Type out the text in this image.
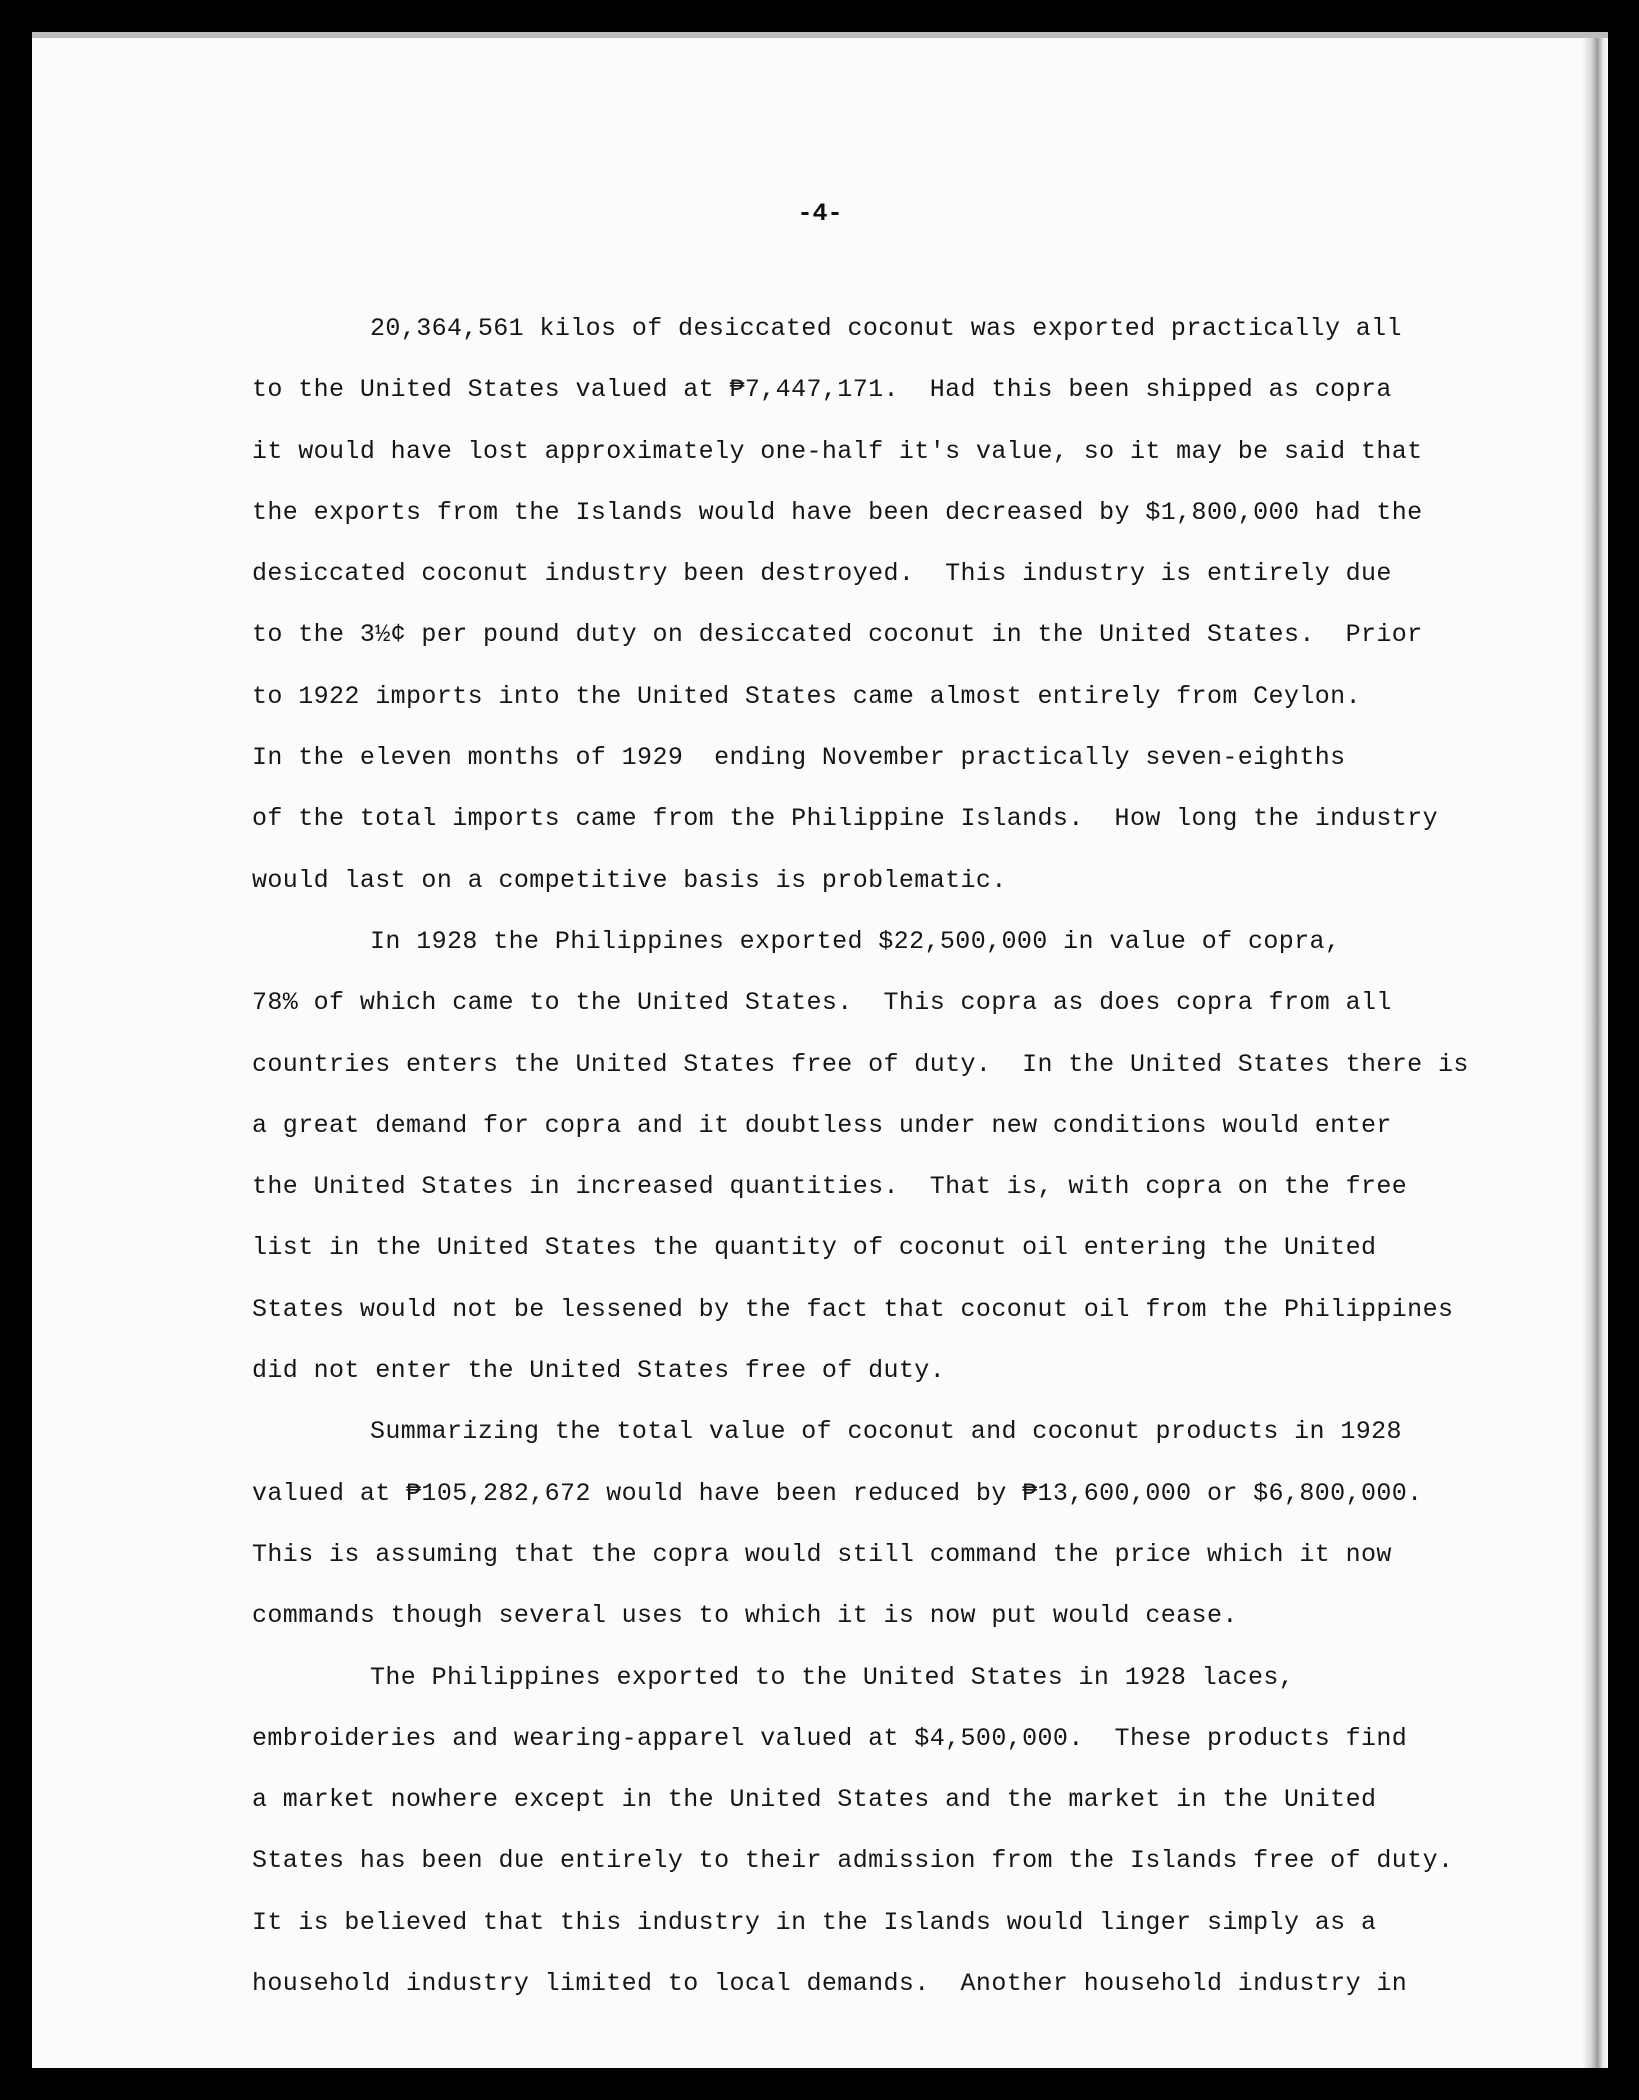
-4-
20,364,561 kilos of desiccated coconut was exported practically all
to the United States valued at ₱7,447,171.  Had this been shipped as copra
it would have lost approximately one-half it's value, so it may be said that
the exports from the Islands would have been decreased by $1,800,000 had the
desiccated coconut industry been destroyed.  This industry is entirely due
to the 3½¢ per pound duty on desiccated coconut in the United States.  Prior
to 1922 imports into the United States came almost entirely from Ceylon.
In the eleven months of 1929  ending November practically seven-eighths
of the total imports came from the Philippine Islands.  How long the industry
would last on a competitive basis is problematic.
In 1928 the Philippines exported $22,500,000 in value of copra,
78% of which came to the United States.  This copra as does copra from all
countries enters the United States free of duty.  In the United States there is
a great demand for copra and it doubtless under new conditions would enter
the United States in increased quantities.  That is, with copra on the free
list in the United States the quantity of coconut oil entering the United
States would not be lessened by the fact that coconut oil from the Philippines
did not enter the United States free of duty.
Summarizing the total value of coconut and coconut products in 1928
valued at ₱105,282,672 would have been reduced by ₱13,600,000 or $6,800,000.
This is assuming that the copra would still command the price which it now
commands though several uses to which it is now put would cease.
The Philippines exported to the United States in 1928 laces,
embroideries and wearing-apparel valued at $4,500,000.  These products find
a market nowhere except in the United States and the market in the United
States has been due entirely to their admission from the Islands free of duty.
It is believed that this industry in the Islands would linger simply as a
household industry limited to local demands.  Another household industry in
